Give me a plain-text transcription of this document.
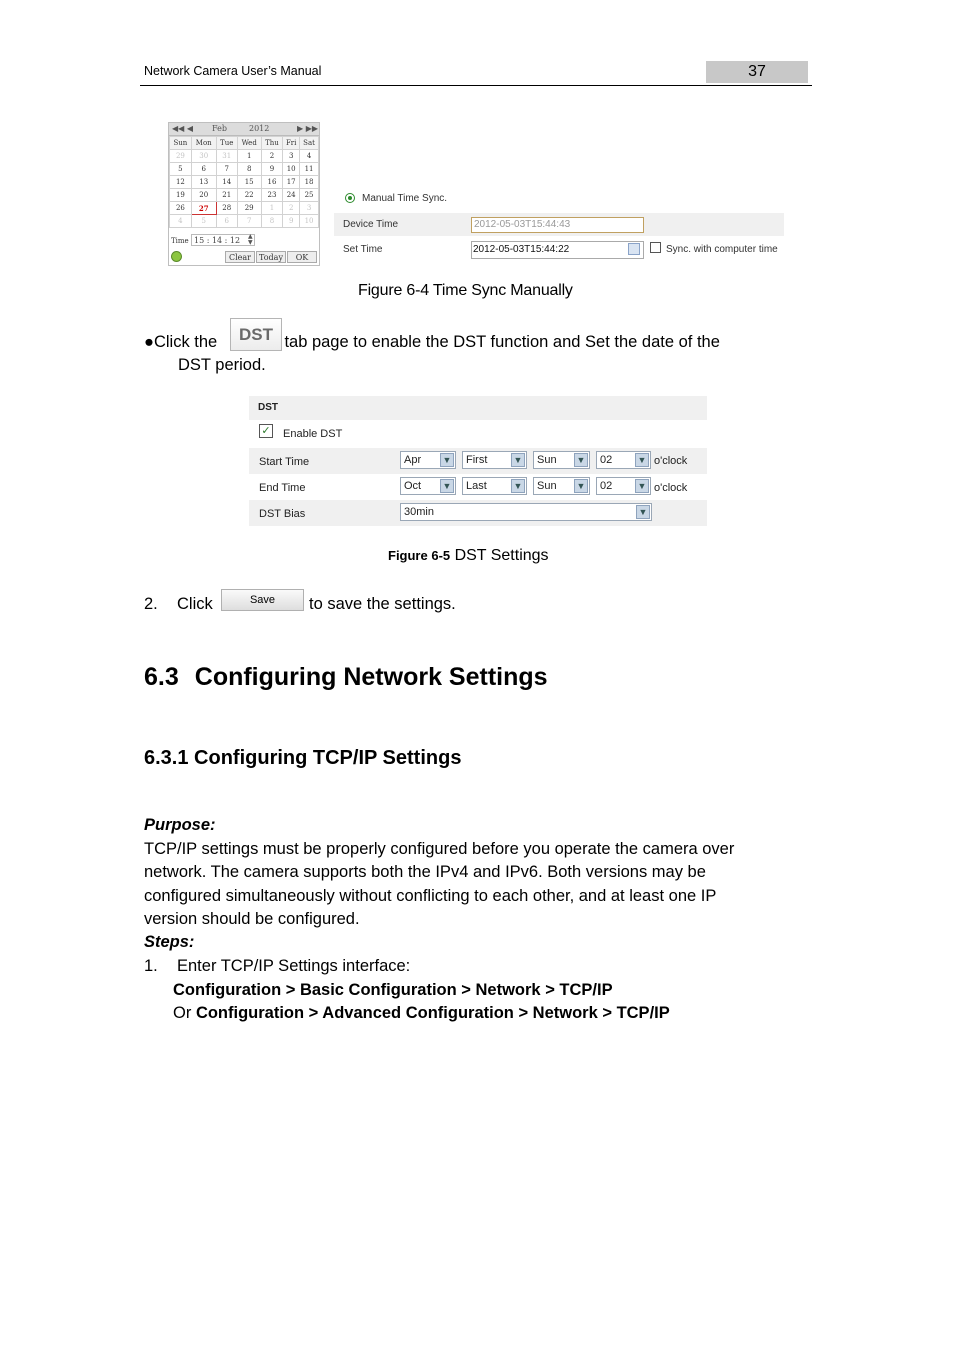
Network Camera User’s Manual	37
◀◀ ◀ Feb	2012	▶ ▶▶
Sun	Mon	Tue	Wed	Thu	Fri	Sat
29	30	31	1	2	3	4
5	6	7	8	9	10	11
12	13	14	15	16	17	18
19	20	21	22	23	24	25
26	27	28	29	1	2	3
4	5	6	7	8	9	10
Time 15 : 14 : 12	▲
▼
Clear	Today	OK
Manual Time Sync.
Device Time	2012-05-03T15:44:43
Set Time	2012-05-03T15:44:22	Sync. with computer time
Figure 6-4 Time Sync Manually
●Click the	tab page to enable the DST function and Set the date of the
DST period.
DST
DST
✓ Enable DST
Start Time	Apr ▼	First	▼	Sun ▼	02	▼ o'clock
End Time	Oct ▼	Last	▼	Sun ▼	02	▼ o'clock
DST Bias	30min	▼
Figure 6-5 DST Settings
2. Click	Save	to save the settings.
6.3 Configuring Network Settings
6.3.1 Configuring TCP/IP Settings
Purpose:
TCP/IP settings must be properly configured before you operate the camera over
network. The camera supports both the IPv4 and IPv6. Both versions may be
configured simultaneously without conflicting to each other, and at least one IP
version should be configured.
Steps:
1. Enter TCP/IP Settings interface:
Configuration > Basic Configuration > Network > TCP/IP
Or Configuration > Advanced Configuration > Network > TCP/IP
